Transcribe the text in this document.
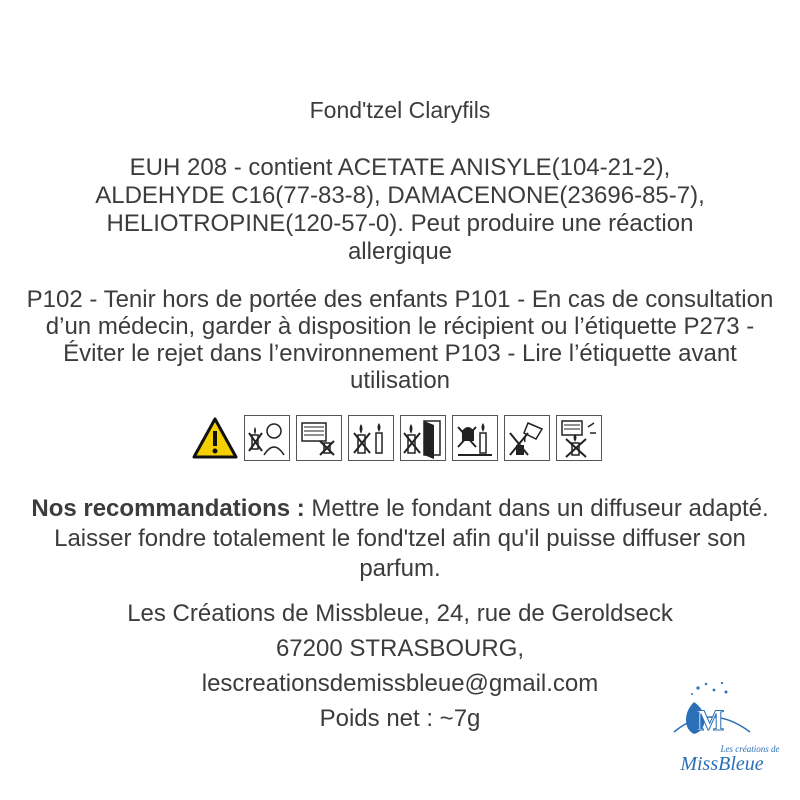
Fond'tzel Claryfils
EUH 208 - contient ACETATE ANISYLE(104-21-2), ALDEHYDE C16(77-83-8), DAMACENONE(23696-85-7), HELIOTROPINE(120-57-0). Peut produire une réaction allergique
P102 - Tenir hors de portée des enfants P101 - En cas de consultation d’un médecin, garder à disposition le récipient ou l’étiquette P273 - Éviter le rejet dans l’environnement P103 - Lire l’étiquette avant utilisation
Nos recommandations : Mettre le fondant dans un diffuseur adapté. Laisser fondre totalement le fond'tzel afin qu'il puisse diffuser son parfum.
Les Créations de Missbleue, 24, rue de Geroldseck
67200 STRASBOURG,
lescreationsdemissbleue@gmail.com
Poids net : ~7g	M
Les créations de
MissBleue
